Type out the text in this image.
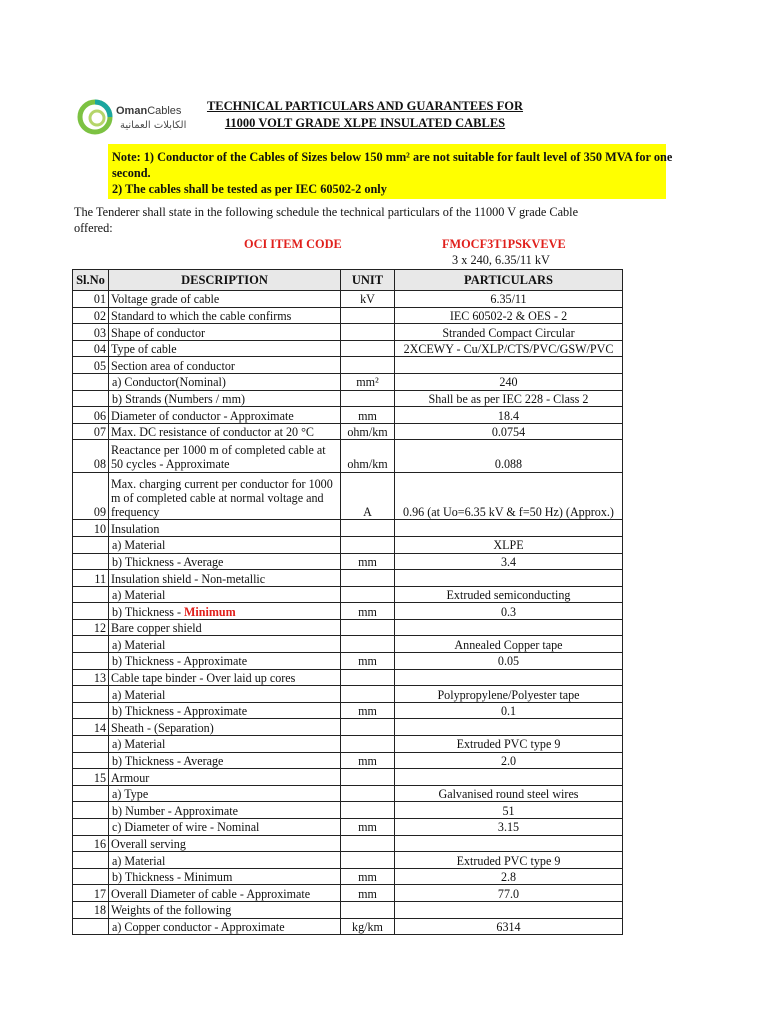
OmanCables
الكابلات العمانية
TECHNICAL PARTICULARS AND GUARANTEES FOR
11000 VOLT GRADE XLPE INSULATED CABLES
Note: 1) Conductor of the Cables of Sizes below 150 mm² are not suitable for fault level of 350 MVA for one
second.
2) The cables shall be tested as per IEC 60502-2 only
The Tenderer shall state in the following schedule the technical particulars of the 11000 V grade Cable
offered:
OCI ITEM CODE	FMOCF3T1PSKVEVE
3 x 240, 6.35/11 kV
Sl.No	DESCRIPTION	UNIT	PARTICULARS
01	Voltage grade of cable	kV	6.35/11
02	Standard to which the cable confirms		IEC 60502-2 & OES - 2
03	Shape of conductor		Stranded Compact Circular
04	Type of cable		2XCEWY - Cu/XLP/CTS/PVC/GSW/PVC
05	Section area of conductor		
	a) Conductor(Nominal)	mm²	240
	b) Strands (Numbers / mm)		Shall be as per IEC 228 - Class 2
06	Diameter of conductor - Approximate	mm	18.4
07	Max. DC resistance of conductor at 20 °C	ohm/km	0.0754
08	Reactance per 1000 m of completed cable at 50 cycles - Approximate	ohm/km	0.088
09	Max. charging current per conductor for 1000 m of completed cable at normal voltage and frequency	A	0.96 (at Uo=6.35 kV & f=50 Hz) (Approx.)
10	Insulation		
	a) Material		XLPE
	b) Thickness - Average	mm	3.4
11	Insulation shield - Non-metallic		
	a) Material		Extruded semiconducting
	b) Thickness - Minimum	mm	0.3
12	Bare copper shield		
	a) Material		Annealed Copper tape
	b) Thickness - Approximate	mm	0.05
13	Cable tape binder - Over laid up cores		
	a) Material		Polypropylene/Polyester tape
	b) Thickness - Approximate	mm	0.1
14	Sheath - (Separation)		
	a) Material		Extruded PVC type 9
	b) Thickness - Average	mm	2.0
15	Armour		
	a) Type		Galvanised round steel wires
	b) Number - Approximate		51
	c) Diameter of wire - Nominal	mm	3.15
16	Overall serving		
	a) Material		Extruded PVC type 9
	b) Thickness - Minimum	mm	2.8
17	Overall Diameter of cable - Approximate	mm	77.0
18	Weights of the following		
	a) Copper conductor - Approximate	kg/km	6314
